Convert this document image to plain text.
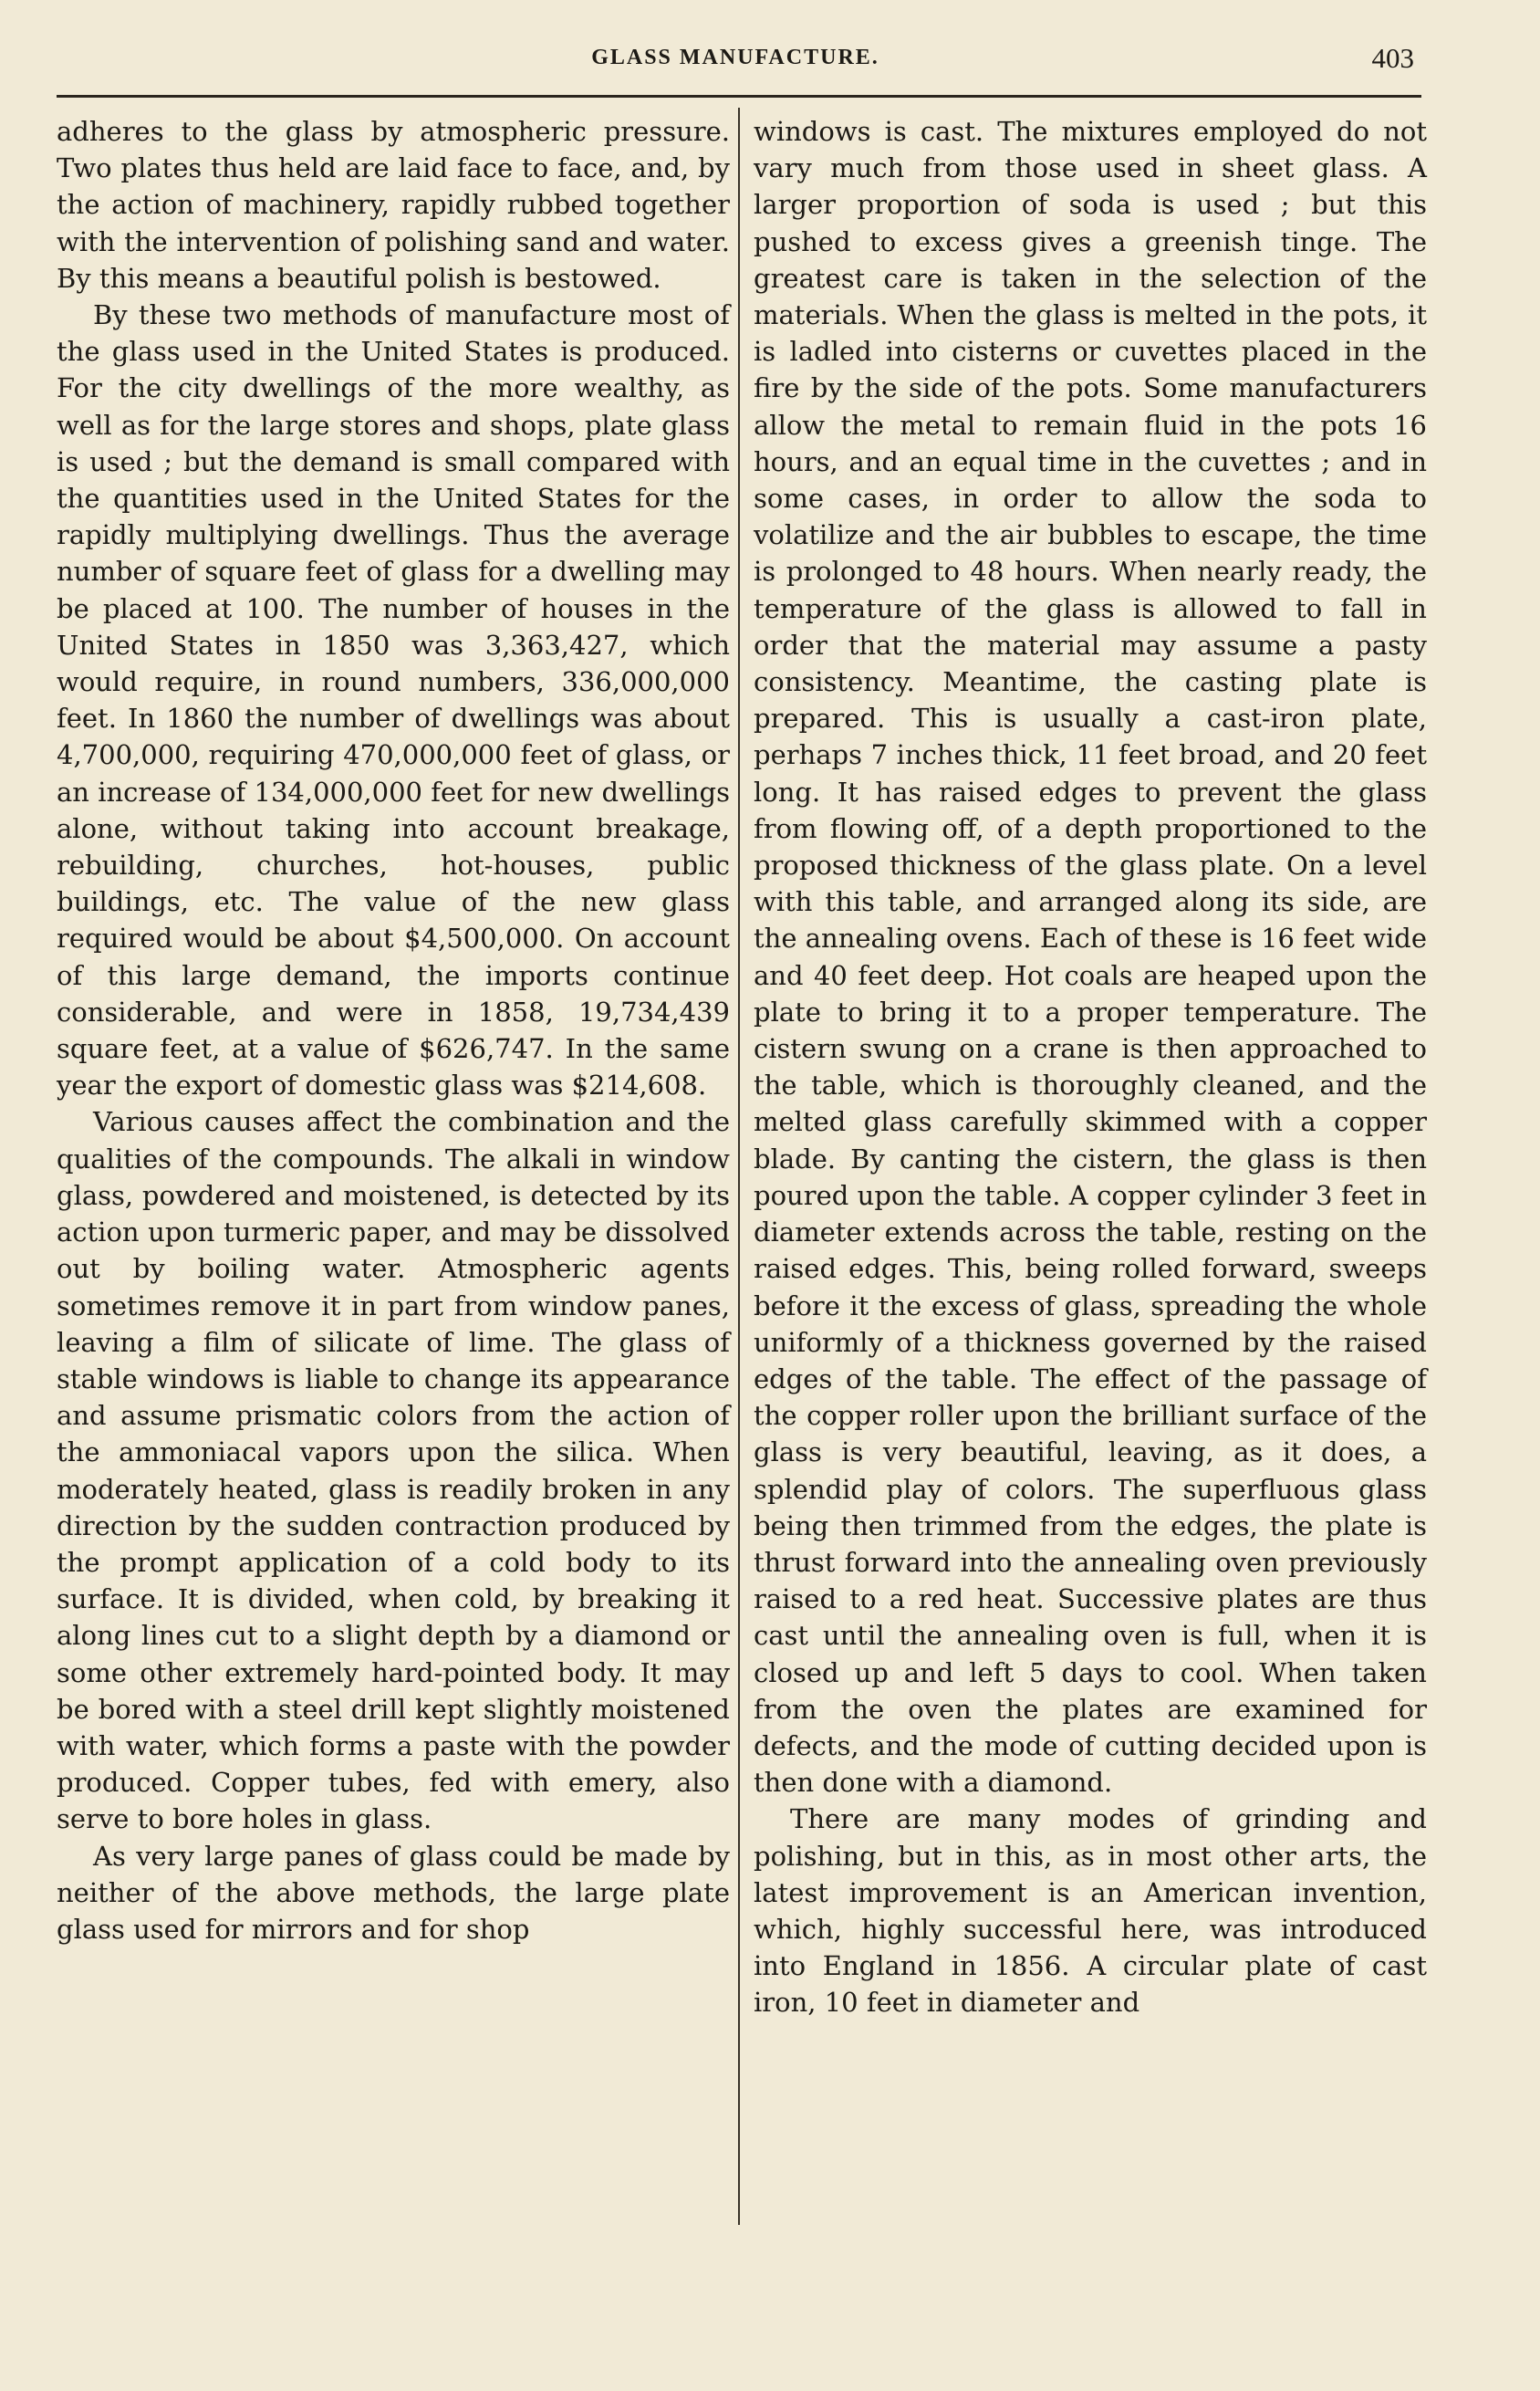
GLASS MANUFACTURE.	403

adheres to the glass by atmospheric pressure. Two plates thus held are laid face to face, and, by the action of machinery, rapidly rubbed together with the intervention of polishing sand and water. By this means a beautiful polish is bestowed.

By these two methods of manufacture most of the glass used in the United States is produced. For the city dwellings of the more wealthy, as well as for the large stores and shops, plate glass is used ; but the demand is small compared with the quantities used in the United States for the rapidly multiplying dwellings. Thus the average number of square feet of glass for a dwelling may be placed at 100. The number of houses in the United States in 1850 was 3,363,427, which would require, in round numbers, 336,000,000 feet. In 1860 the number of dwellings was about 4,700,000, requiring 470,000,000 feet of glass, or an increase of 134,000,000 feet for new dwellings alone, without taking into account breakage, rebuilding, churches, hot-houses, public buildings, etc. The value of the new glass required would be about $4,500,000. On account of this large demand, the imports continue considerable, and were in 1858, 19,734,439 square feet, at a value of $626,747. In the same year the export of domestic glass was $214,608.

Various causes affect the combination and the qualities of the compounds. The alkali in window glass, powdered and moistened, is detected by its action upon turmeric paper, and may be dissolved out by boiling water. Atmospheric agents sometimes remove it in part from window panes, leaving a film of silicate of lime. The glass of stable windows is liable to change its appearance and assume prismatic colors from the action of the ammoniacal vapors upon the silica. When moderately heated, glass is readily broken in any direction by the sudden contraction produced by the prompt application of a cold body to its surface. It is divided, when cold, by breaking it along lines cut to a slight depth by a diamond or some other extremely hard-pointed body. It may be bored with a steel drill kept slightly moistened with water, which forms a paste with the powder produced. Copper tubes, fed with emery, also serve to bore holes in glass.

As very large panes of glass could be made by neither of the above methods, the large plate glass used for mirrors and for shop

windows is cast. The mixtures employed do not vary much from those used in sheet glass. A larger proportion of soda is used ; but this pushed to excess gives a greenish tinge. The greatest care is taken in the selection of the materials. When the glass is melted in the pots, it is ladled into cisterns or cuvettes placed in the fire by the side of the pots. Some manufacturers allow the metal to remain fluid in the pots 16 hours, and an equal time in the cuvettes ; and in some cases, in order to allow the soda to volatilize and the air bubbles to escape, the time is prolonged to 48 hours. When nearly ready, the temperature of the glass is allowed to fall in order that the material may assume a pasty consistency. Meantime, the casting plate is prepared. This is usually a cast-iron plate, perhaps 7 inches thick, 11 feet broad, and 20 feet long. It has raised edges to prevent the glass from flowing off, of a depth proportioned to the proposed thickness of the glass plate. On a level with this table, and arranged along its side, are the annealing ovens. Each of these is 16 feet wide and 40 feet deep. Hot coals are heaped upon the plate to bring it to a proper temperature. The cistern swung on a crane is then approached to the table, which is thoroughly cleaned, and the melted glass carefully skimmed with a copper blade. By canting the cistern, the glass is then poured upon the table. A copper cylinder 3 feet in diameter extends across the table, resting on the raised edges. This, being rolled forward, sweeps before it the excess of glass, spreading the whole uniformly of a thickness governed by the raised edges of the table. The effect of the passage of the copper roller upon the brilliant surface of the glass is very beautiful, leaving, as it does, a splendid play of colors. The superfluous glass being then trimmed from the edges, the plate is thrust forward into the annealing oven previously raised to a red heat. Successive plates are thus cast until the annealing oven is full, when it is closed up and left 5 days to cool. When taken from the oven the plates are examined for defects, and the mode of cutting decided upon is then done with a diamond.

There are many modes of grinding and polishing, but in this, as in most other arts, the latest improvement is an American invention, which, highly successful here, was introduced into England in 1856. A circular plate of cast iron, 10 feet in diameter and
